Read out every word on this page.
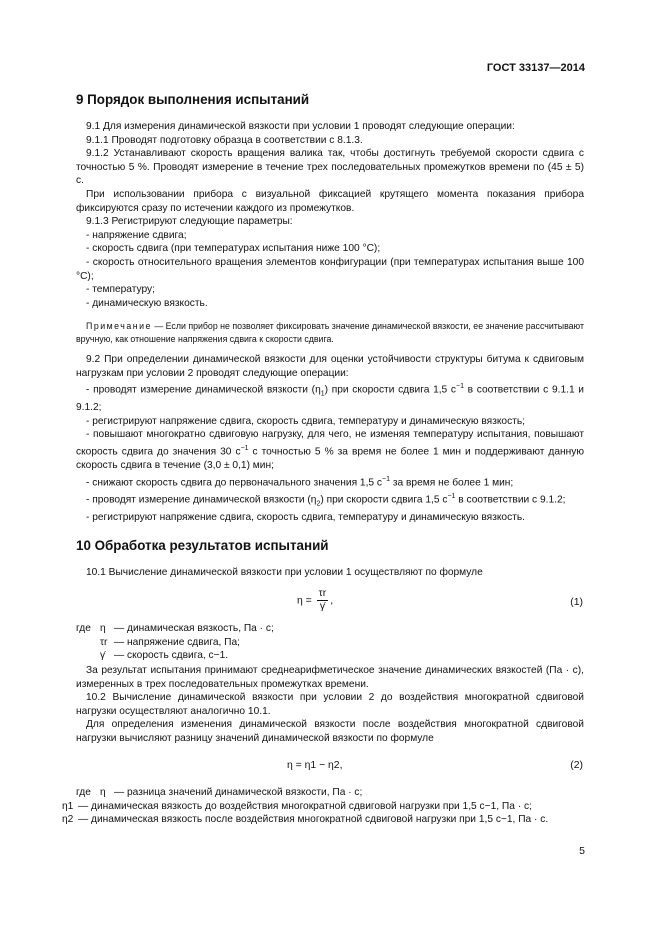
ГОСТ 33137—2014
9 Порядок выполнения испытаний

9.1 Для измерения динамической вязкости при условии 1 проводят следующие операции:

9.1.1 Проводят подготовку образца в соответствии с 8.1.3.

9.1.2 Устанавливают скорость вращения валика так, чтобы достигнуть требуемой скорости сдвига с точностью 5 %. Проводят измерение в течение трех последовательных промежутков времени по (45 ± 5) с.

При использовании прибора с визуальной фиксацией крутящего момента показания прибора фиксируются сразу по истечении каждого из промежутков.

9.1.3 Регистрируют следующие параметры:

- напряжение сдвига;

- скорость сдвига (при температурах испытания ниже 100 °С);

- скорость относительного вращения элементов конфигурации (при температурах испытания выше 100 °С);

- температуру;

- динамическую вязкость.

Примечание — Если прибор не позволяет фиксировать значение динамической вязкости, ее значение рассчитывают вручную, как отношение напряжения сдвига к скорости сдвига.

9.2 При определении динамической вязкости для оценки устойчивости структуры битума к сдвиговым нагрузкам при условии 2 проводят следующие операции:

- проводят измерение динамической вязкости $(\eta_1)$ при скорости сдвига 1,5 $с^{-1}$ в соответствии с 9.1.1 и 9.1.2;

- регистрируют напряжение сдвига, скорость сдвига, температуру и динамическую вязкость;

- повышают многократно сдвиговую нагрузку, для чего, не изменяя температуру испытания, повышают скорость сдвига до значения 30 $с^{-1}$ с точностью 5 % за время не более 1 мин и поддерживают данную скорость сдвига в течение (3,0 ± 0,1) мин;

- снижают скорость сдвига до первоначального значения 1,5 $с^{-1}$ за время не более 1 мин;

- проводят измерение динамической вязкости $(\eta_2)$ при скорости сдвига 1,5 $с^{-1}$ в соответствии с 9.1.2;

- регистрируют напряжение сдвига, скорость сдвига, температуру и динамическую вязкость.

10 Обработка результатов испытаний

10.1 Вычисление динамической вязкости при условии 1 осуществляют по формуле

$\eta = \frac{\tau r}{\gammȧ}$ ,	(1)
где η — динамическая вязкость, Па · с;
τr — напряжение сдвига, Па;
γ̇ — скорость сдвига, с−1.

За результат испытания принимают среднеарифметическое значение динамических вязкостей (Па · с), измеренных в трех последовательных промежутках времени.

10.2 Вычисление динамической вязкости при условии 2 до воздействия многократной сдвиговой нагрузки осуществляют аналогично 10.1.

Для определения изменения динамической вязкости после воздействия многократной сдвиговой нагрузки вычисляют разницу значений динамической вязкости по формуле

η = η1 − η2,	(2)
где η — разница значений динамической вязкости, Па · с;
η1 — динамическая вязкость до воздействия многократной сдвиговой нагрузки при 1,5 с−1, Па · с;
η2 — динамическая вязкость после воздействия многократной сдвиговой нагрузки при 1,5 с−1, Па · с.
5
